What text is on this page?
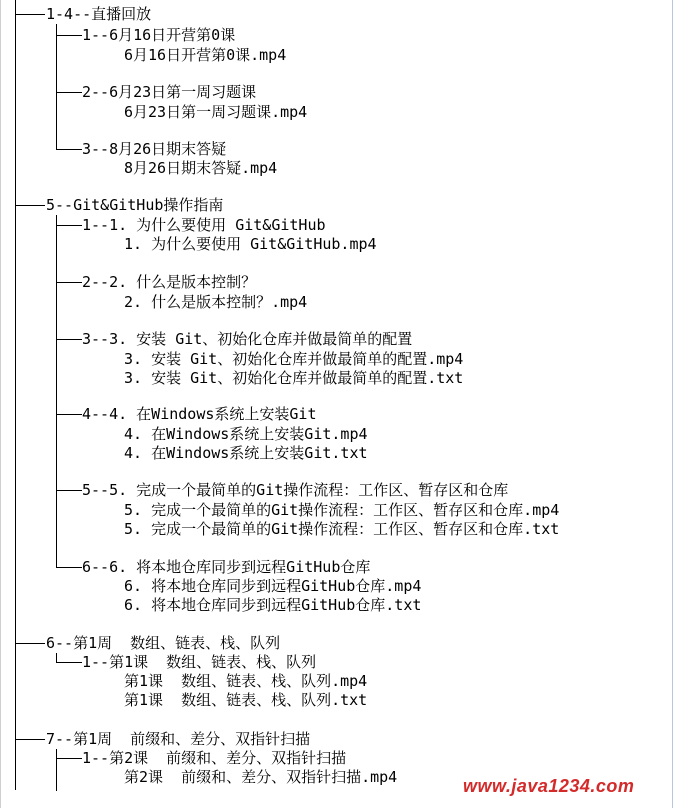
1-4--直播回放
1--6月16日开营第0课
6月16日开营第0课.mp4
2--6月23日第一周习题课
6月23日第一周习题课.mp4
3--8月26日期末答疑
8月26日期末答疑.mp4
5--Git&GitHub操作指南
1--1. 为什么要使用 Git&GitHub
1. 为什么要使用 Git&GitHub.mp4
2--2. 什么是版本控制？
2. 什么是版本控制？.mp4
3--3. 安装 Git、初始化仓库并做最简单的配置
3. 安装 Git、初始化仓库并做最简单的配置.mp4
3. 安装 Git、初始化仓库并做最简单的配置.txt
4--4. 在Windows系统上安装Git
4. 在Windows系统上安装Git.mp4
4. 在Windows系统上安装Git.txt
5--5. 完成一个最简单的Git操作流程：工作区、暂存区和仓库
5. 完成一个最简单的Git操作流程：工作区、暂存区和仓库.mp4
5. 完成一个最简单的Git操作流程：工作区、暂存区和仓库.txt
6--6. 将本地仓库同步到远程GitHub仓库
6. 将本地仓库同步到远程GitHub仓库.mp4
6. 将本地仓库同步到远程GitHub仓库.txt
6--第1周  数组、链表、栈、队列
1--第1课  数组、链表、栈、队列
第1课  数组、链表、栈、队列.mp4
第1课  数组、链表、栈、队列.txt
7--第1周  前缀和、差分、双指针扫描
1--第2课  前缀和、差分、双指针扫描
第2课  前缀和、差分、双指针扫描.mp4	www.java1234.com
